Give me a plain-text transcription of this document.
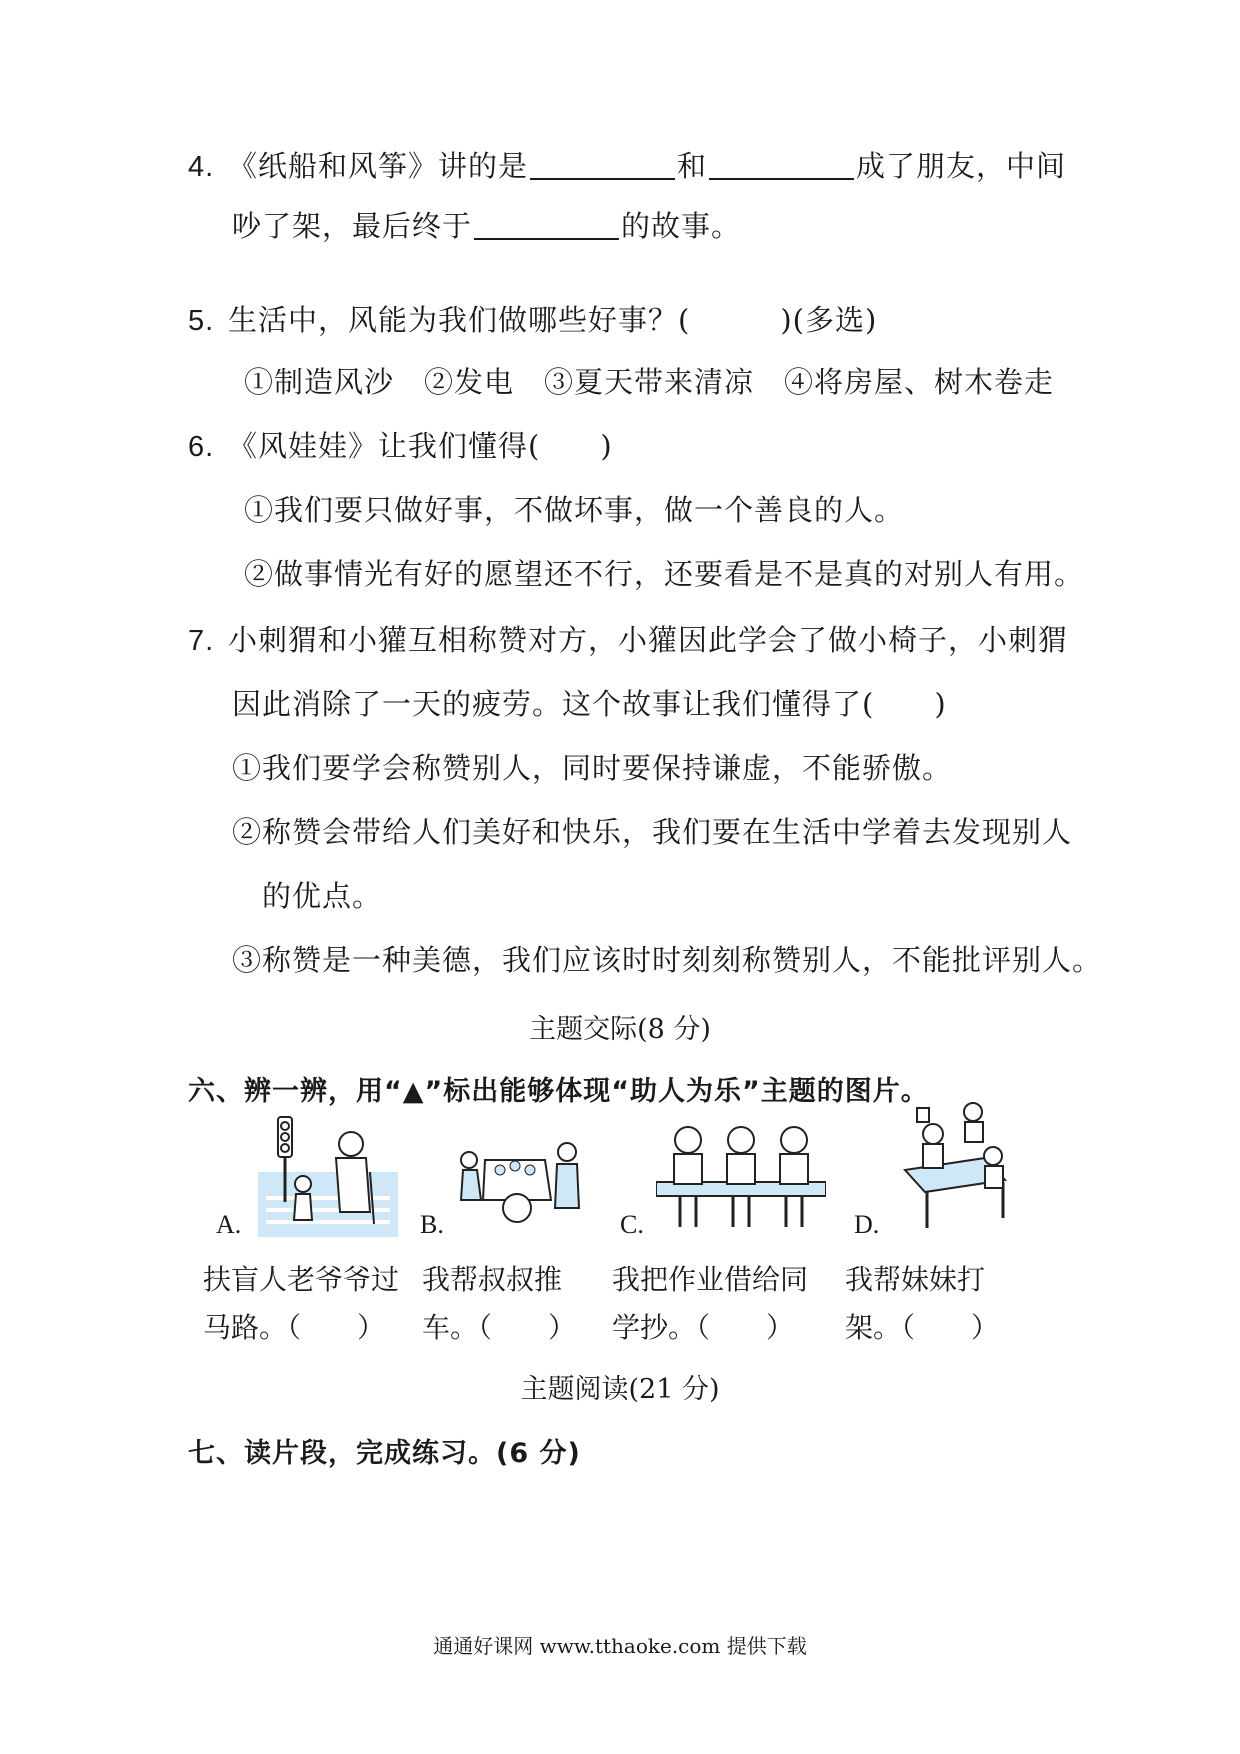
4. 《纸船和风筝》讲的是	和	成了朋友，中间
吵了架，最后终于	的故事。
5. 生活中，风能为我们做哪些好事？(　　　)(多选)
①制造风沙　②发电　③夏天带来清凉　④将房屋、树木卷走
6. 《风娃娃》让我们懂得(　　)
①我们要只做好事，不做坏事，做一个善良的人。
②做事情光有好的愿望还不行，还要看是不是真的对别人有用。
7. 小刺猬和小獾互相称赞对方，小獾因此学会了做小椅子，小刺猬
因此消除了一天的疲劳。这个故事让我们懂得了(　　)
①我们要学会称赞别人，同时要保持谦虚，不能骄傲。
②称赞会带给人们美好和快乐，我们要在生活中学着去发现别人
的优点。
③称赞是一种美德，我们应该时时刻刻称赞别人，不能批评别人。
主题交际(8 分)
六、辨一辨，用“▲”标出能够体现“助人为乐”主题的图片。
A.	B.	C.	D.
扶盲人老爷爷过
马路。（　　）
我帮叔叔推
车。（　　）
我把作业借给同
学抄。（　　）
我帮妹妹打
架。（　　）
主题阅读(21 分)
七、读片段，完成练习。(6 分)
通通好课网 www.tthaoke.com 提供下载
